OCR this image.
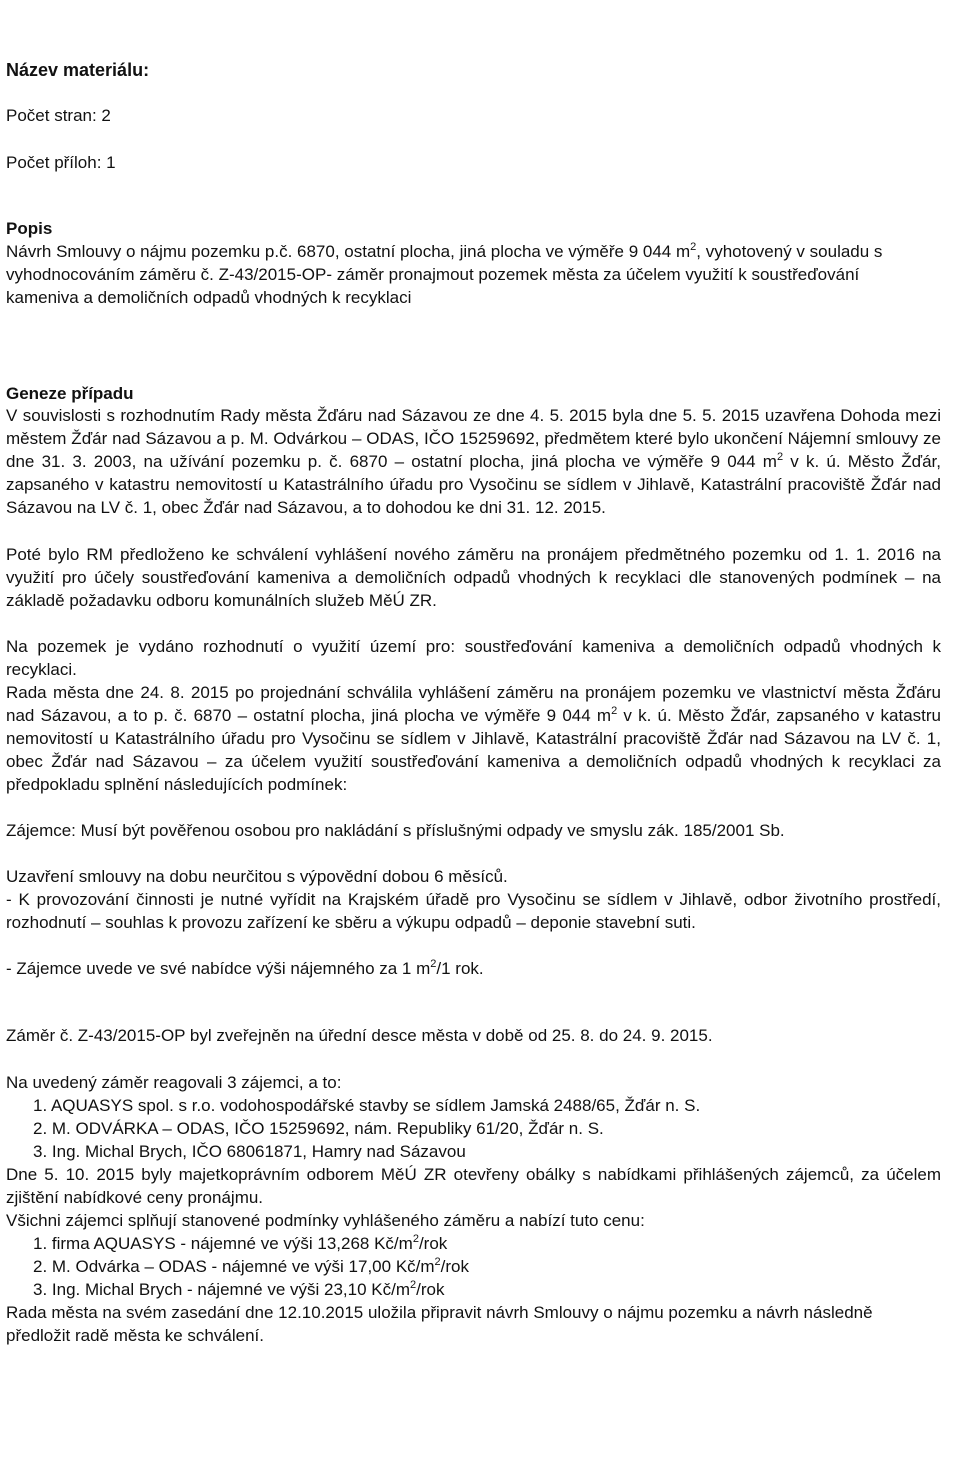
Název materiálu:
Počet stran: 2
Počet příloh: 1
Popis
Návrh Smlouvy o nájmu pozemku p.č. 6870, ostatní plocha, jiná plocha ve výměře 9 044 $m^2$, vyhotovený v souladu s vyhodnocováním záměru č. Z-43/2015-OP- záměr pronajmout pozemek města za účelem využití k soustřeďování kameniva a demoličních odpadů vhodných k recyklaci
Geneze případu
V souvislosti s rozhodnutím Rady města Žďáru nad Sázavou ze dne 4. 5. 2015 byla dne 5. 5. 2015 uzavřena Dohoda mezi městem Žďár nad Sázavou a p. M. Odvárkou – ODAS, IČO 15259692, předmětem které bylo ukončení Nájemní smlouvy ze dne 31. 3. 2003, na užívání pozemku p. č. 6870 – ostatní plocha, jiná plocha ve výměře 9 044 $m^2$ v k. ú. Město Žďár, zapsaného v katastru nemovitostí u Katastrálního úřadu pro Vysočinu se sídlem v Jihlavě, Katastrální pracoviště Žďár nad Sázavou na LV č. 1, obec Žďár nad Sázavou, a to dohodou ke dni 31. 12. 2015.
Poté bylo RM předloženo ke schválení vyhlášení nového záměru na pronájem předmětného pozemku od 1. 1. 2016 na využití pro účely soustřeďování kameniva a demoličních odpadů vhodných k recyklaci dle stanovených podmínek – na základě požadavku odboru komunálních služeb MěÚ ZR.
Na pozemek je vydáno rozhodnutí o využití území pro: soustřeďování kameniva a demoličních odpadů vhodných k recyklaci.
Rada města dne 24. 8. 2015 po projednání schválila vyhlášení záměru na pronájem pozemku ve vlastnictví města Žďáru nad Sázavou, a to p. č. 6870 – ostatní plocha, jiná plocha ve výměře 9 044 $m^2$ v k. ú. Město Žďár, zapsaného v katastru nemovitostí u Katastrálního úřadu pro Vysočinu se sídlem v Jihlavě, Katastrální pracoviště Žďár nad Sázavou na LV č. 1, obec Žďár nad Sázavou – za účelem využití soustřeďování kameniva a demoličních odpadů vhodných k recyklaci za předpokladu splnění následujících podmínek:
Zájemce: Musí být pověřenou osobou pro nakládání s příslušnými odpady ve smyslu zák. 185/2001 Sb.
Uzavření smlouvy na dobu neurčitou s výpovědní dobou 6 měsíců.
- K provozování činnosti je nutné vyřídit na Krajském úřadě pro Vysočinu se sídlem v Jihlavě, odbor životního prostředí, rozhodnutí – souhlas k provozu zařízení ke sběru a výkupu odpadů – deponie stavební suti.
- Zájemce uvede ve své nabídce výši nájemného za 1 $m^2/1$ rok.
Záměr č. Z-43/2015-OP byl zveřejněn na úřední desce města v době od 25. 8. do 24. 9. 2015.
Na uvedený záměr reagovali 3 zájemci, a to:
1. AQUASYS spol. s r.o. vodohospodářské stavby se sídlem Jamská 2488/65, Žďár n. S.
2. M. ODVÁRKA – ODAS, IČO 15259692, nám. Republiky 61/20, Žďár n. S.
3. Ing. Michal Brych, IČO 68061871, Hamry nad Sázavou
Dne 5. 10. 2015 byly majetkoprávním odborem MěÚ ZR otevřeny obálky s nabídkami přihlášených zájemců, za účelem zjištění nabídkové ceny pronájmu.
Všichni zájemci splňují stanovené podmínky vyhlášeného záměru a nabízí tuto cenu:
1. firma AQUASYS - nájemné ve výši 13,268 $Kč/m^2$/rok
2. M. Odvárka – ODAS - nájemné ve výši 17,00 $Kč/m^2$/rok
3. Ing. Michal Brych - nájemné ve výši 23,10 $Kč/m^2$/rok
Rada města na svém zasedání dne 12.10.2015 uložila připravit návrh Smlouvy o nájmu pozemku a návrh následně předložit radě města ke schválení.
